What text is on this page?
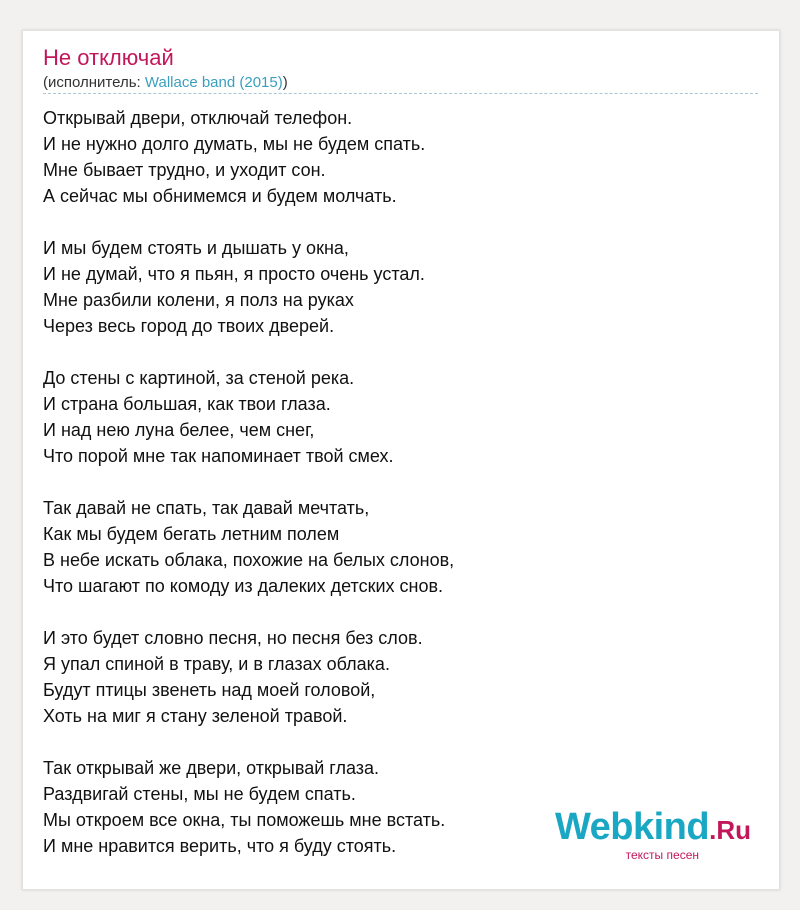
Не отключай
(исполнитель: Wallace band (2015))
Открывай двери, отключай телефон.
И не нужно долго думать, мы не будем спать.
Мне бывает трудно, и уходит сон.
А сейчас мы обнимемся и будем молчать.
И мы будем стоять и дышать у окна,
И не думай, что я пьян, я просто очень устал.
Мне разбили колени, я полз на руках
Через весь город до твоих дверей.
До стены с картиной, за стеной река.
И страна большая, как твои глаза.
И над нею луна белее, чем снег,
Что порой мне так напоминает твой смех.
Так давай не спать, так давай мечтать,
Как мы будем бегать летним полем
В небе искать облака, похожие на белых слонов,
Что шагают по комоду из далеких детских снов.
И это будет словно песня, но песня без слов.
Я упал спиной в траву, и в глазах облака.
Будут птицы звенеть над моей головой,
Хоть на миг я стану зеленой травой.
Так открывай же двери, открывай глаза.
Раздвигай стены, мы не будем спать.
Мы откроем все окна, ты поможешь мне встать.
И мне нравится верить, что я буду стоять.	Webkind.Ru
тексты песен
